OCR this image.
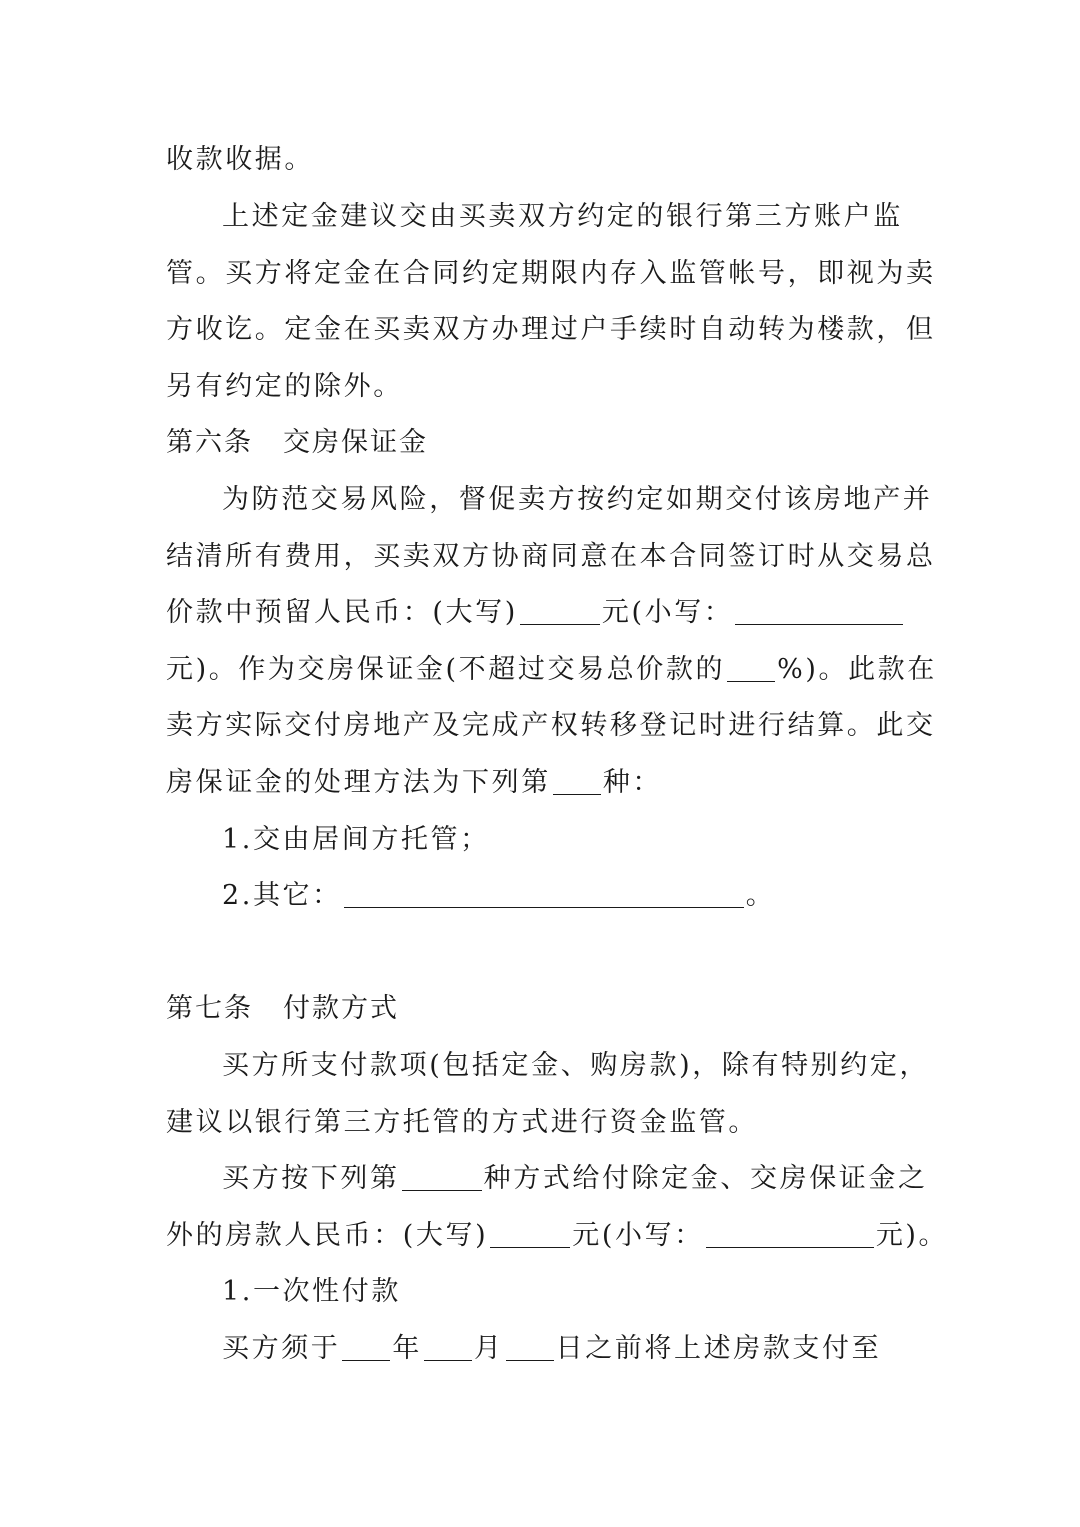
收款收据。
上述定金建议交由买卖双方约定的银行第三方账户监
管。买方将定金在合同约定期限内存入监管帐号，即视为卖
方收讫。定金在买卖双方办理过户手续时自动转为楼款，但
另有约定的除外。
第六条 交房保证金
为防范交易风险，督促卖方按约定如期交付该房地产并
结清所有费用，买卖双方协商同意在本合同签订时从交易总
价款中预留人民币：(大写)	元(小写：
元)。作为交房保证金(不超过交易总价款的 %)。此款在
卖方实际交付房地产及完成产权转移登记时进行结算。此交
房保证金的处理方法为下列第 种：
1.交由居间方托管；
2.其它：	。
第七条 付款方式
买方所支付款项(包括定金、购房款)，除有特别约定，
建议以银行第三方托管的方式进行资金监管。
买方按下列第	种方式给付除定金、交房保证金之
外的房款人民币：(大写)	元(小写：	元)。
1.一次性付款
买方须于 年 月 日之前将上述房款支付至
